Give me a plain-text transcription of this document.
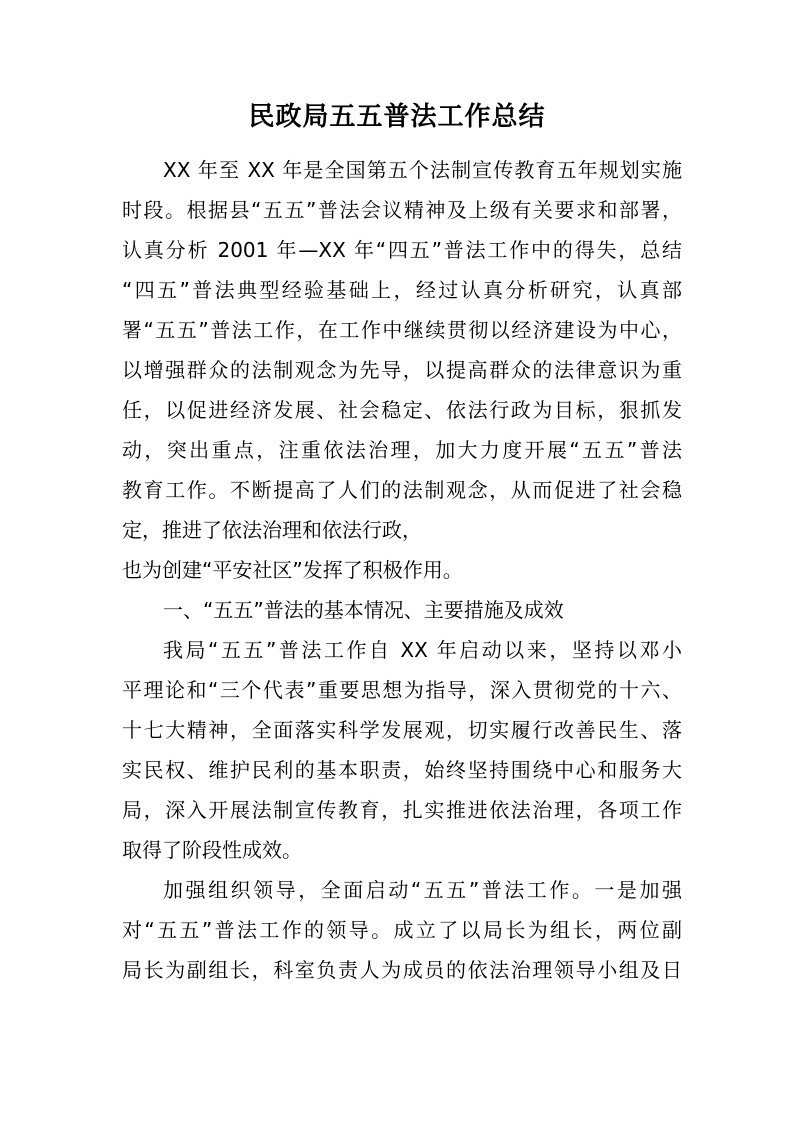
民政局五五普法工作总结
XX 年至 XX 年是全国第五个法制宣传教育五年规划实施
时段。根据县“五五”普法会议精神及上级有关要求和部署，
认真分析 2001 年—XX 年“四五”普法工作中的得失，总结
“四五”普法典型经验基础上，经过认真分析研究，认真部
署“五五”普法工作，在工作中继续贯彻以经济建设为中心，
以增强群众的法制观念为先导，以提高群众的法律意识为重
任，以促进经济发展、社会稳定、依法行政为目标，狠抓发
动，突出重点，注重依法治理，加大力度开展“五五”普法
教育工作。不断提高了人们的法制观念，从而促进了社会稳
定，推进了依法治理和依法行政，
也为创建“平安社区”发挥了积极作用。
一、“五五”普法的基本情况、主要措施及成效
我局“五五”普法工作自 XX 年启动以来，坚持以邓小
平理论和“三个代表”重要思想为指导，深入贯彻党的十六、
十七大精神，全面落实科学发展观，切实履行改善民生、落
实民权、维护民利的基本职责，始终坚持围绕中心和服务大
局，深入开展法制宣传教育，扎实推进依法治理，各项工作
取得了阶段性成效。
加强组织领导，全面启动“五五”普法工作。一是加强
对“五五”普法工作的领导。成立了以局长为组长，两位副
局长为副组长，科室负责人为成员的依法治理领导小组及日
